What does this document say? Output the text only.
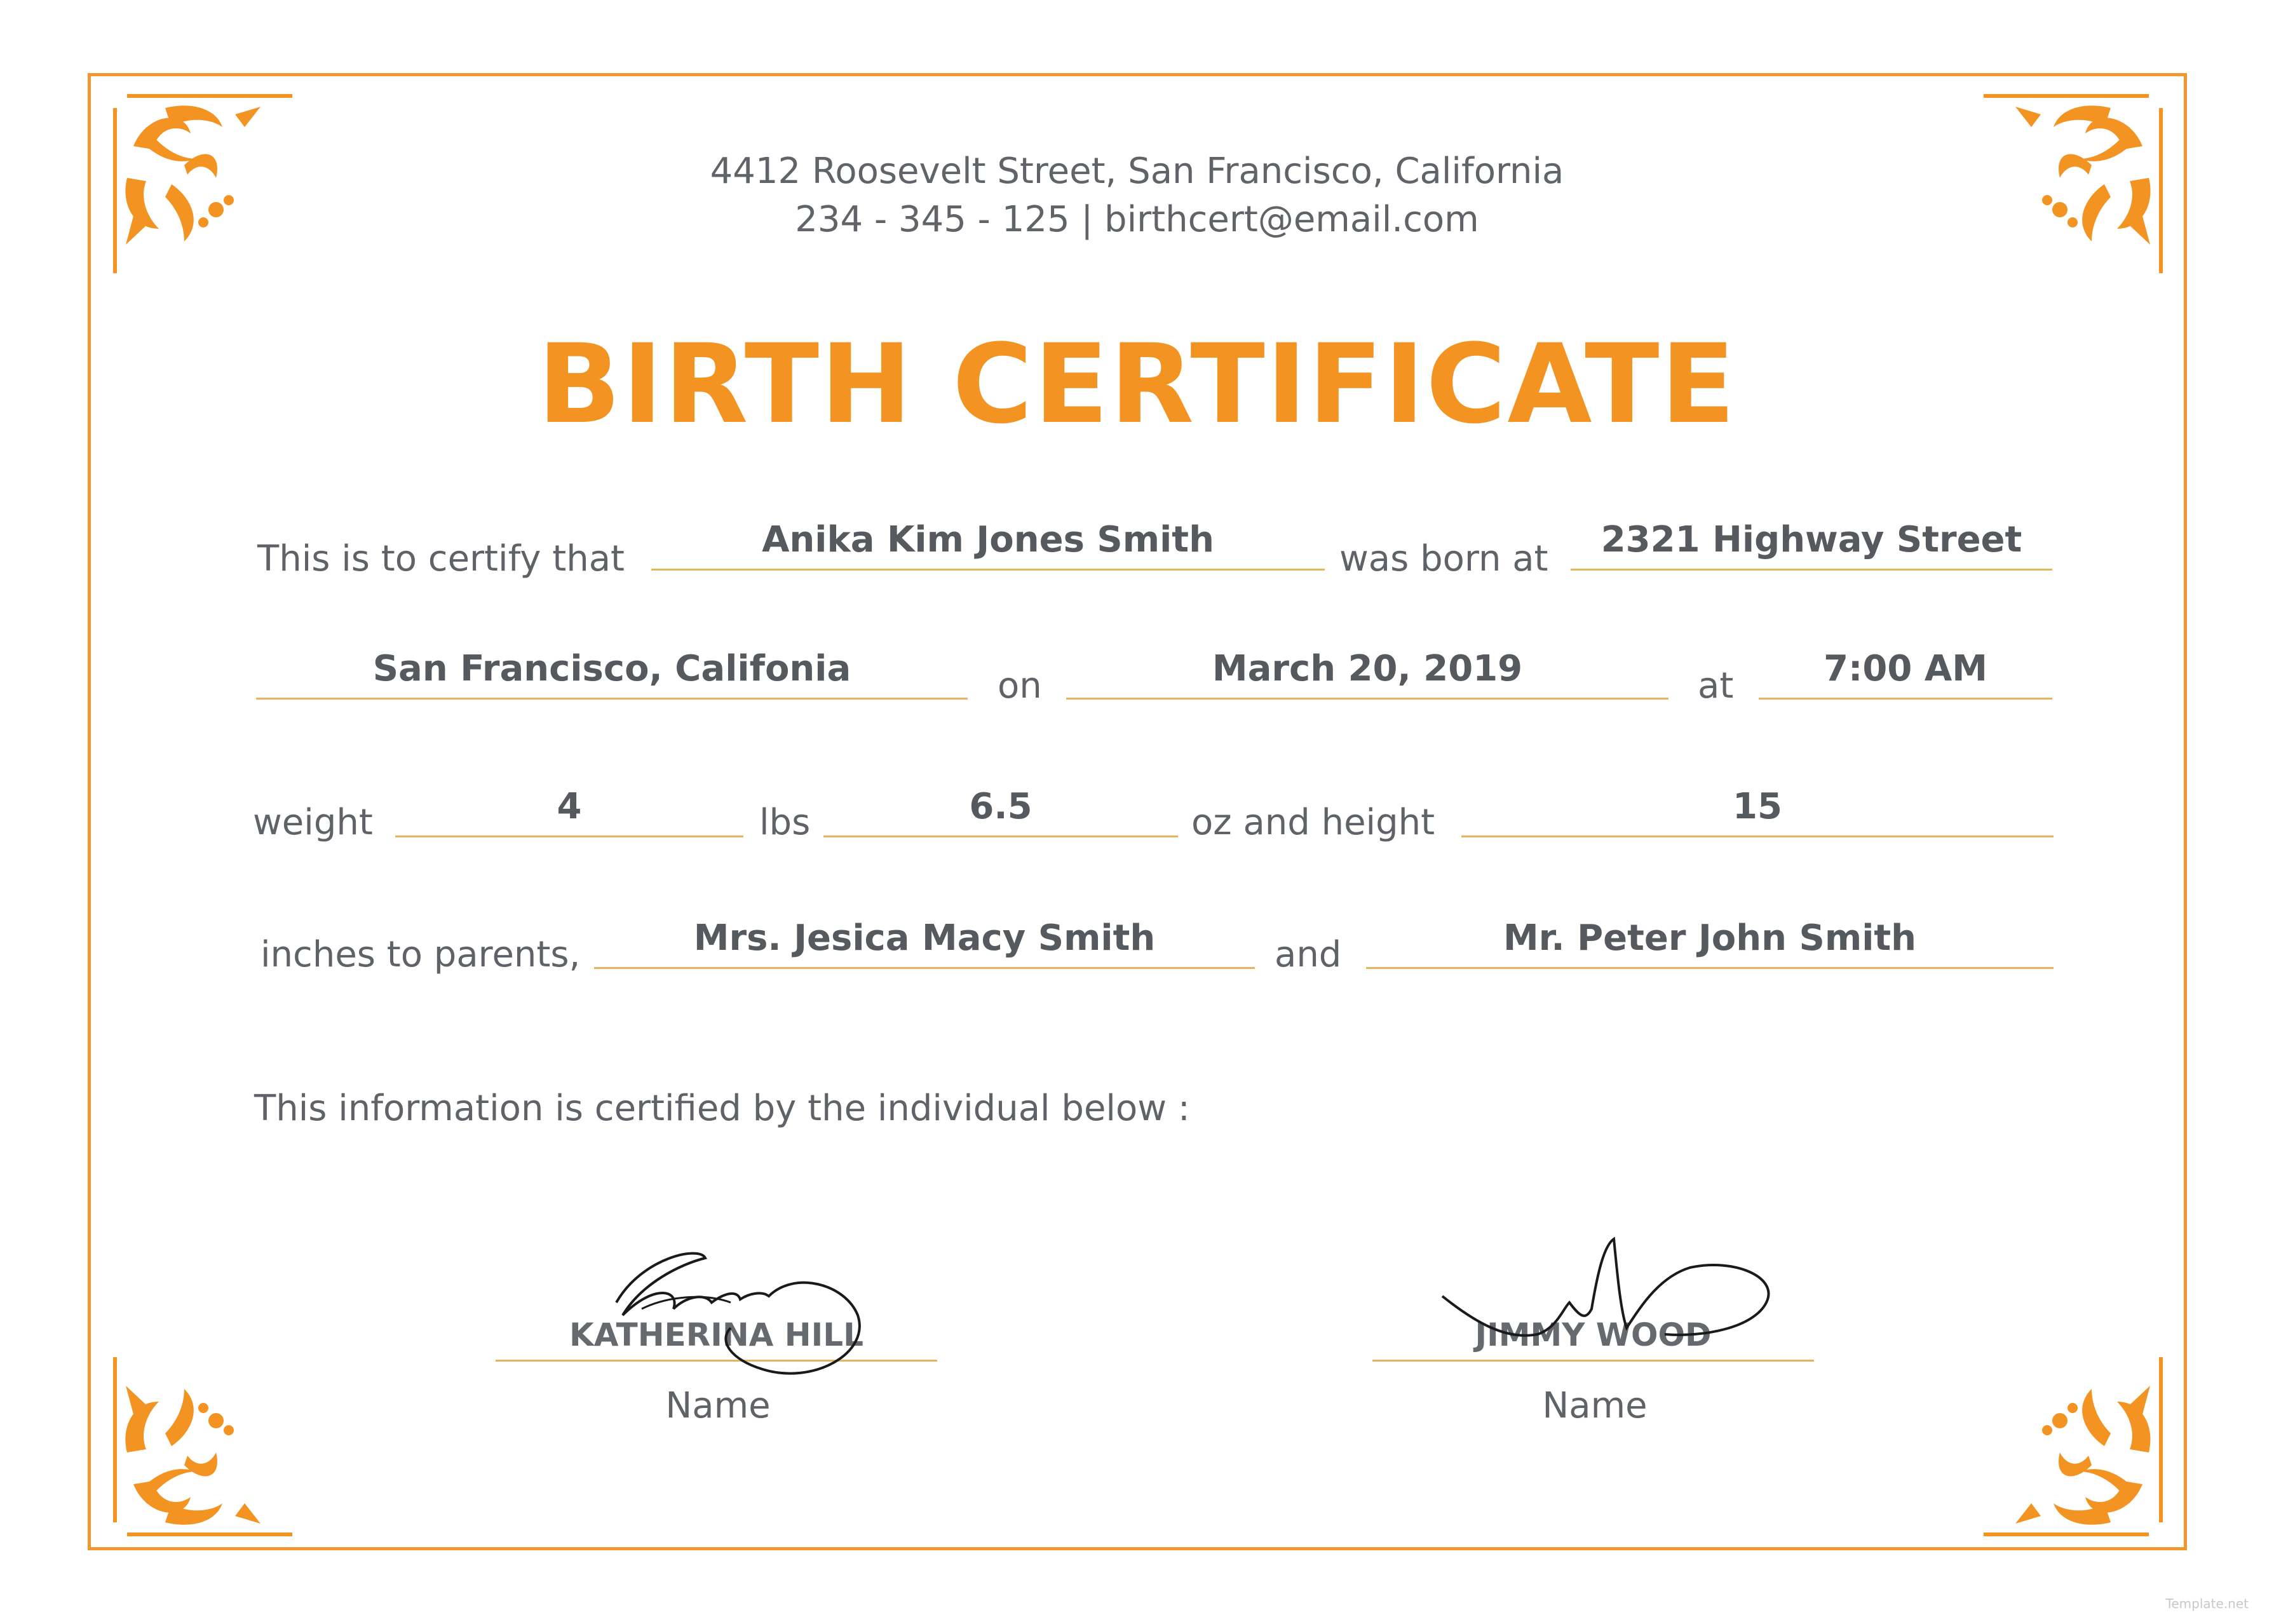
4412 Roosevelt Street, San Francisco, California
234 - 345 - 125 | birthcert@email.com
BIRTH CERTIFICATE
This is to certify that	Anika Kim Jones Smith	was born at	2321 Highway Street
San Francisco, Califonia	on	March 20, 2019	at	7:00 AM
weight	4	lbs	6.5	oz and height	15
inches to parents,	Mrs. Jesica Macy Smith	and	Mr. Peter John Smith
This information is certified by the individual below :
KATHERINA HILL
Name
JIMMY WOOD
Name
Template.net
